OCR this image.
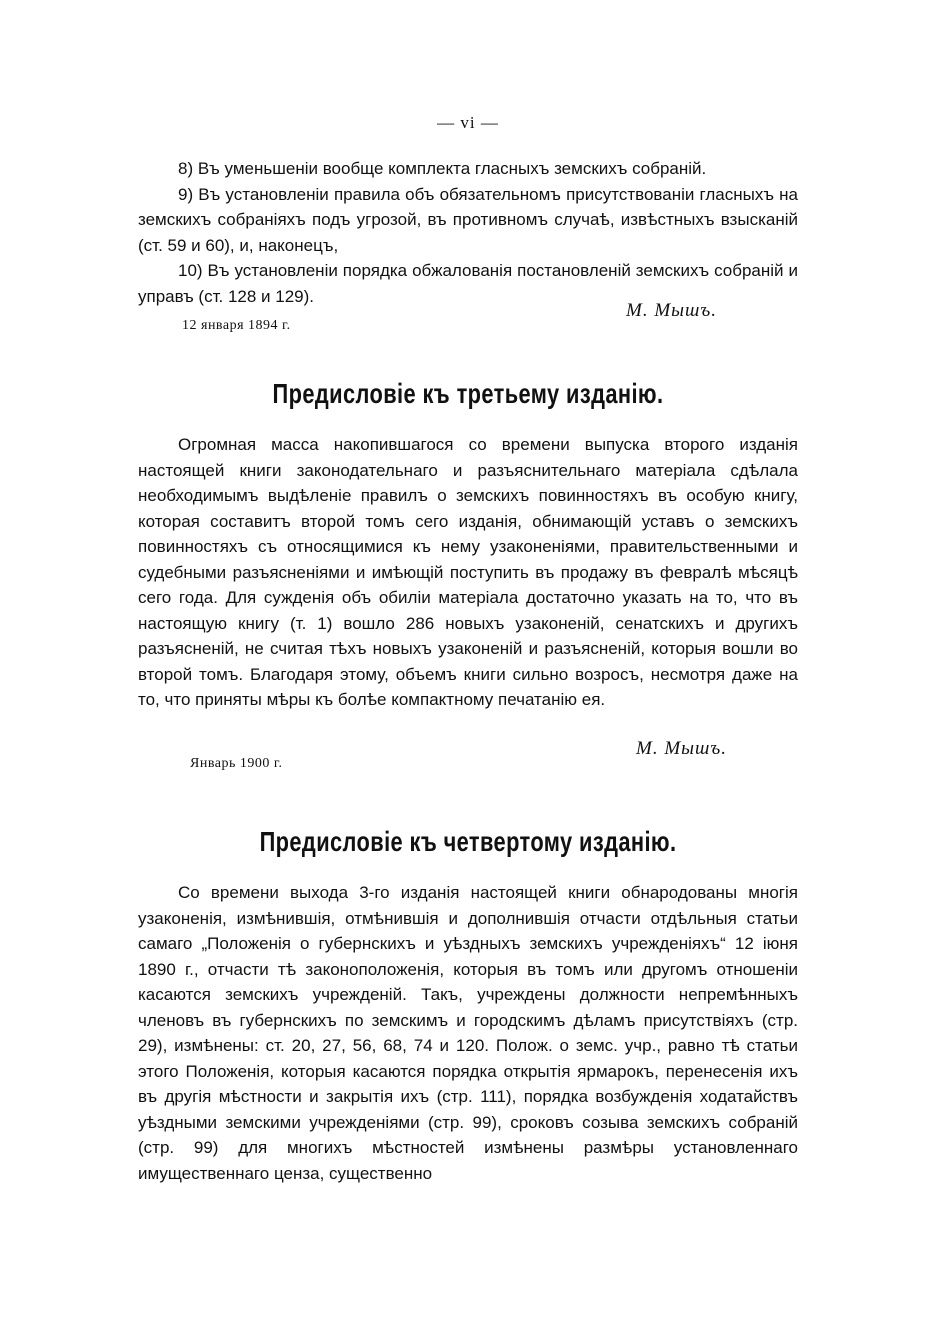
— vi —

8) Въ уменьшеніи вообще комплекта гласныхъ земскихъ собраній.

9) Въ установленіи правила объ обязательномъ присутствованіи гласныхъ на земскихъ собраніяхъ подъ угрозой, въ противномъ случаѣ, извѣстныхъ взысканій (ст. 59 и 60), и, наконецъ,

10) Въ установленіи порядка обжалованія постановленій земскихъ собраній и управъ (ст. 128 и 129).

М. Мышъ.
12 января 1894 г.
Предисловіе къ третьему изданію.

Огромная масса накопившагося со времени выпуска второго изданія настоящей книги законодательнаго и разъяснительнаго матеріала сдѣлала необходимымъ выдѣленіе правилъ о земскихъ повинностяхъ въ особую книгу, которая составитъ второй томъ сего изданія, обнимающій уставъ о земскихъ повинностяхъ съ относящимися къ нему узаконеніями, правительственными и судебными разъясненіями и имѣющій поступить въ продажу въ февралѣ мѣсяцѣ сего года. Для сужденія объ обиліи матеріала достаточно указать на то, что въ настоящую книгу (т. 1) вошло 286 новыхъ узаконеній, сенатскихъ и другихъ разъясненій, не считая тѣхъ новыхъ узаконеній и разъясненій, которыя вошли во второй томъ. Благодаря этому, объемъ книги сильно возросъ, несмотря даже на то, что приняты мѣры къ болѣе компактному печатанію ея.

М. Мышъ.
Январь 1900 г.
Предисловіе къ четвертому изданію.

Со времени выхода 3-го изданія настоящей книги обнародованы многія узаконенія, измѣнившія, отмѣнившія и дополнившія отчасти отдѣльныя статьи самаго „Положенія о губернскихъ и уѣздныхъ земскихъ учрежденіяхъ“ 12 іюня 1890 г., отчасти тѣ законоположенія, которыя въ томъ или другомъ отношеніи касаются земскихъ учрежденій. Такъ, учреждены должности непремѣнныхъ членовъ въ губернскихъ по земскимъ и городскимъ дѣламъ присутствіяхъ (стр. 29), измѣнены: ст. 20, 27, 56, 68, 74 и 120. Полож. о земс. учр., равно тѣ статьи этого Положенія, которыя касаются порядка открытія ярмарокъ, перенесенія ихъ въ другія мѣстности и закрытія ихъ (стр. 111), порядка возбужденія ходатайствъ уѣздными земскими учрежденіями (стр. 99), сроковъ созыва земскихъ собраній (стр. 99) для многихъ мѣстностей измѣнены размѣры установленнаго имущественнаго ценза, существенно
